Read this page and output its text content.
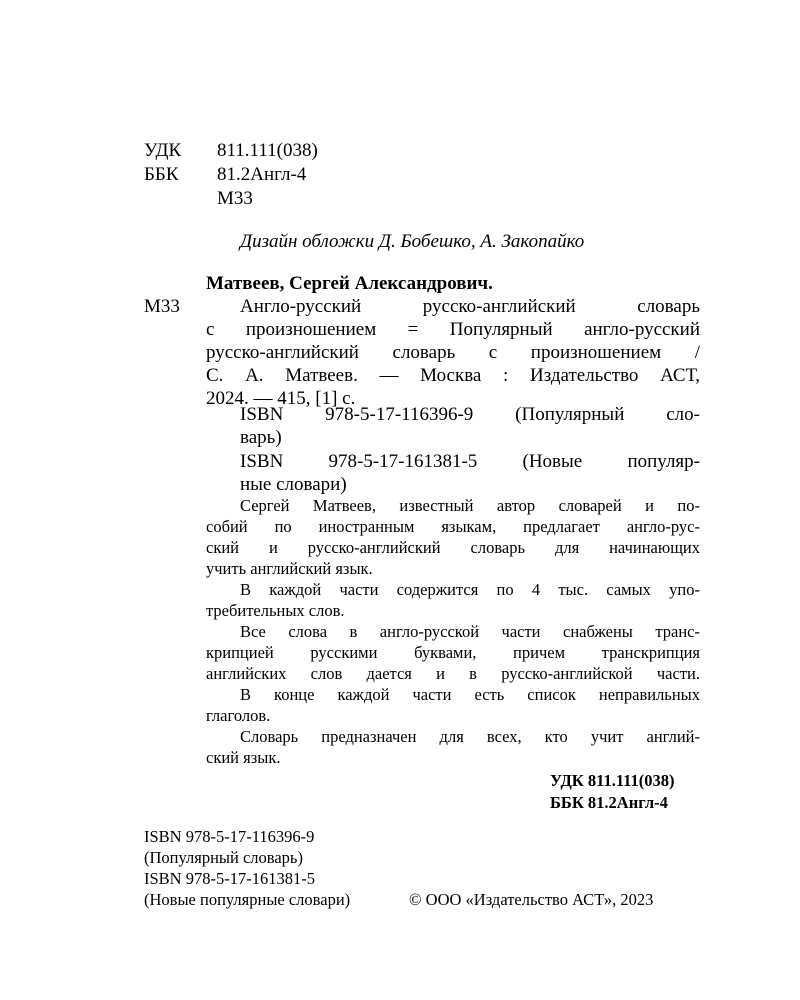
УДК 811.111(038)
ББК 81.2Англ-4
М33
Дизайн обложки Д. Бобешко, А. Закопайко
Матвеев, Сергей Александрович.
М33	Англо-русский русско-английский словарь
с произношением = Популярный англо-русский
русско-английский словарь с произношением /
С. А. Матвеев. — Москва : Издательство АСТ,
2024. — 415, [1] с.
ISBN 978-5-17-116396-9 (Популярный сло-
варь)
ISBN 978-5-17-161381-5 (Новые популяр-
ные словари)
Сергей Матвеев, известный автор словарей и по-
собий по иностранным языкам, предлагает англо-рус-
ский и русско-английский словарь для начинающих
учить английский язык.
В каждой части содержится по 4 тыс. самых упо-
требительных слов.
Все слова в англо-русской части снабжены транс-
крипцией русскими буквами, причем транскрипция
английских слов дается и в русско-английской части.
В конце каждой части есть список неправильных
глаголов.
Словарь предназначен для всех, кто учит англий-
ский язык.
УДК 811.111(038)
ББК 81.2Англ-4
ISBN 978-5-17-116396-9
(Популярный словарь)
ISBN 978-5-17-161381-5
(Новые популярные словари)	© ООО «Издательство АСТ», 2023
